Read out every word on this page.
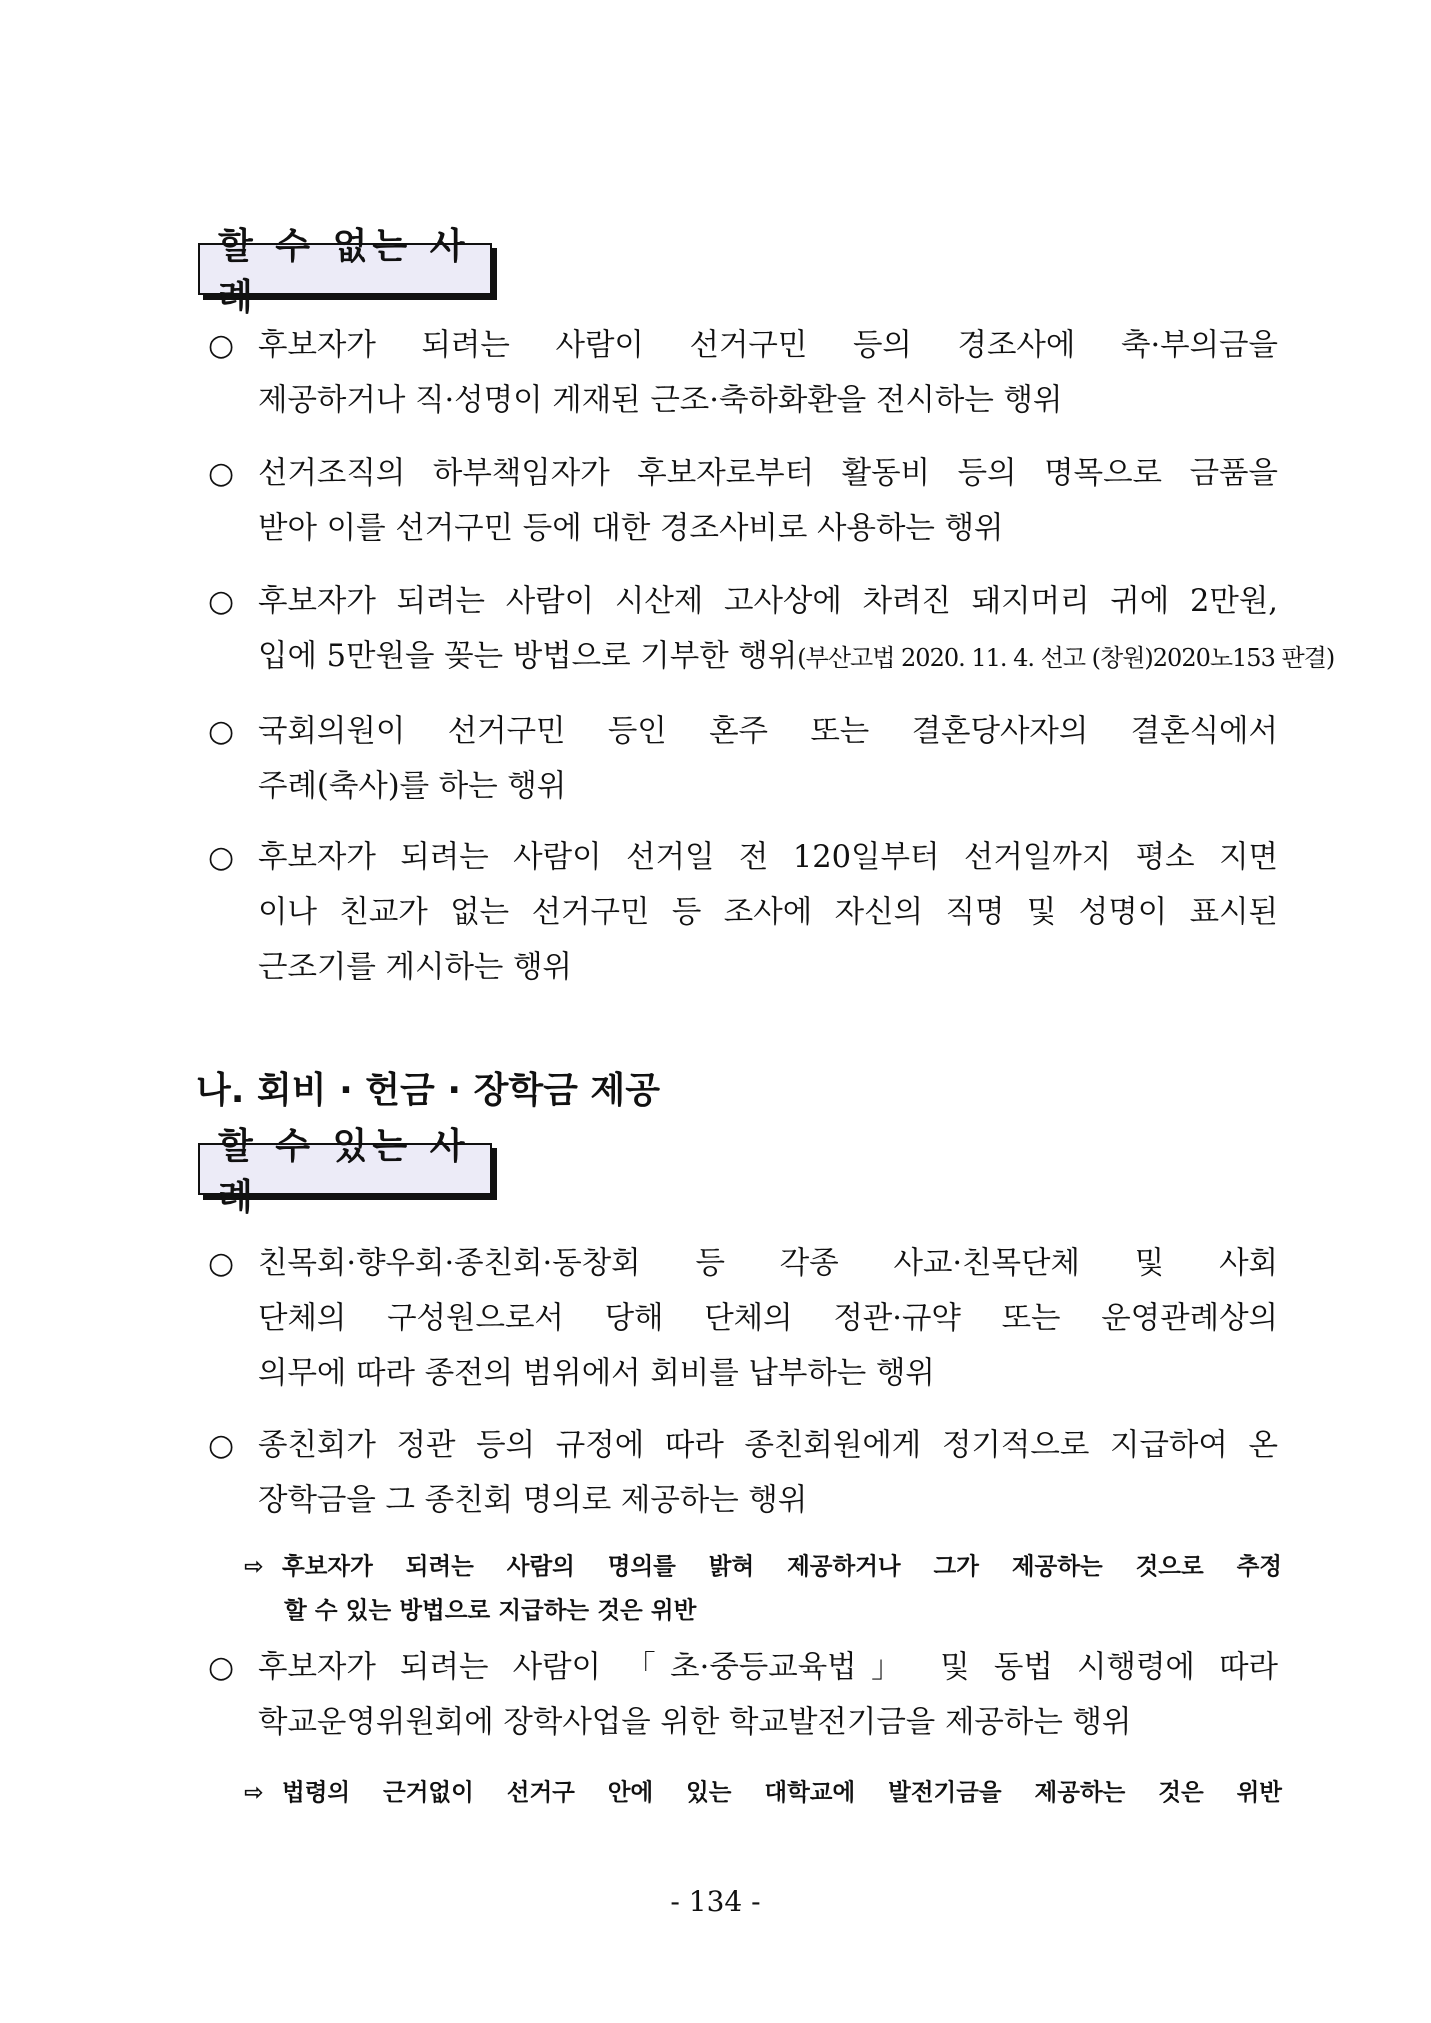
할 수 없는 사례
○ 후보자가 되려는 사람이 선거구민 등의 경조사에 축·부의금을
제공하거나 직·성명이 게재된 근조·축하화환을 전시하는 행위
○ 선거조직의 하부책임자가 후보자로부터 활동비 등의 명목으로 금품을
받아 이를 선거구민 등에 대한 경조사비로 사용하는 행위
○ 후보자가 되려는 사람이 시산제 고사상에 차려진 돼지머리 귀에 2만원,
입에 5만원을 꽂는 방법으로 기부한 행위(부산고법 2020. 11. 4. 선고 (창원)2020노153 판결)
○ 국회의원이 선거구민 등인 혼주 또는 결혼당사자의 결혼식에서
주례(축사)를 하는 행위
○ 후보자가 되려는 사람이 선거일 전 120일부터 선거일까지 평소 지면
이나 친교가 없는 선거구민 등 조사에 자신의 직명 및 성명이 표시된
근조기를 게시하는 행위
나. 회비 · 헌금 · 장학금 제공
할 수 있는 사례
○ 친목회·향우회·종친회·동창회 등 각종 사교·친목단체 및 사회
단체의 구성원으로서 당해 단체의 정관·규약 또는 운영관례상의
의무에 따라 종전의 범위에서 회비를 납부하는 행위
○ 종친회가 정관 등의 규정에 따라 종친회원에게 정기적으로 지급하여 온
장학금을 그 종친회 명의로 제공하는 행위
⇨ 후보자가 되려는 사람의 명의를 밝혀 제공하거나 그가 제공하는 것으로 추정
할 수 있는 방법으로 지급하는 것은 위반
○ 후보자가 되려는 사람이 「초·중등교육법」 및 동법 시행령에 따라
학교운영위원회에 장학사업을 위한 학교발전기금을 제공하는 행위
⇨ 법령의 근거없이 선거구 안에 있는 대학교에 발전기금을 제공하는 것은 위반
- 134 -
